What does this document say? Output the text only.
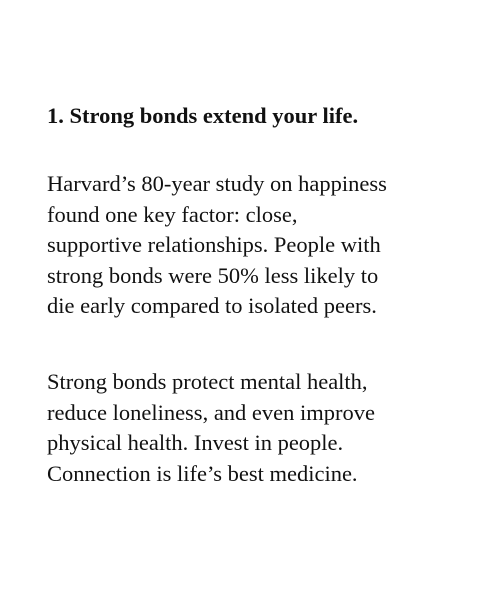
1. Strong bonds extend your life.

Harvard’s 80-year study on happiness
found one key factor: close,
supportive relationships. People with
strong bonds were 50% less likely to
die early compared to isolated peers.

Strong bonds protect mental health,
reduce loneliness, and even improve
physical health. Invest in people.
Connection is life’s best medicine.
